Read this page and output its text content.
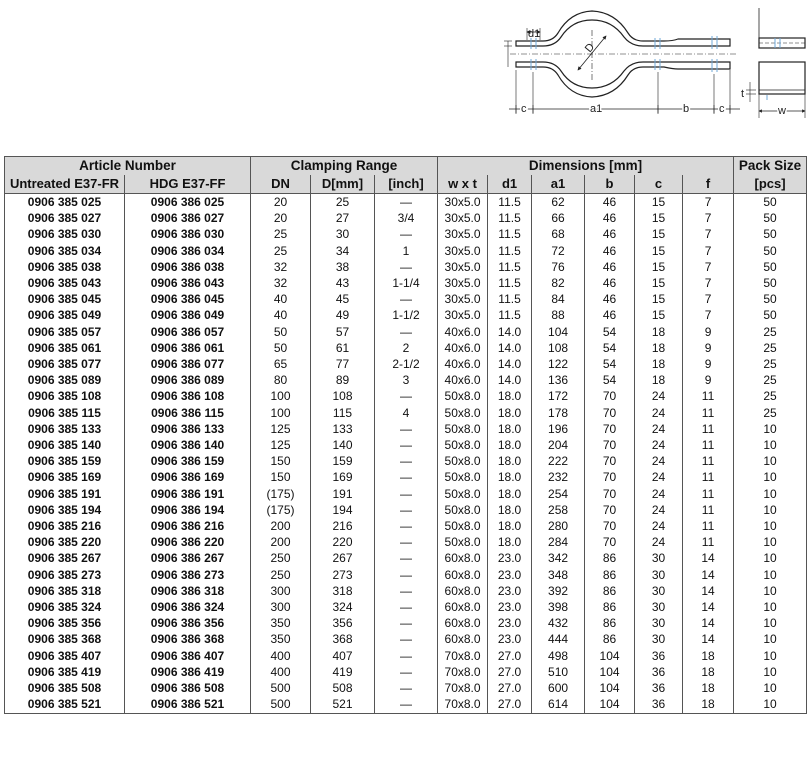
d1
D
c	a1	b	c
t
w
Article Number		Clamping Range			Dimensions [mm]						Pack Size
Untreated E37-FR	HDG E37-FF	DN	D[mm]	[inch]	w x t	d1	a1	b	c	f	[pcs]
0906 385 025	0906 386 025	20	25	—	30x5.0	11.5	62	46	15	7	50
0906 385 027	0906 386 027	20	27	3/4	30x5.0	11.5	66	46	15	7	50
0906 385 030	0906 386 030	25	30	—	30x5.0	11.5	68	46	15	7	50
0906 385 034	0906 386 034	25	34	1	30x5.0	11.5	72	46	15	7	50
0906 385 038	0906 386 038	32	38	—	30x5.0	11.5	76	46	15	7	50
0906 385 043	0906 386 043	32	43	1-1/4	30x5.0	11.5	82	46	15	7	50
0906 385 045	0906 386 045	40	45	—	30x5.0	11.5	84	46	15	7	50
0906 385 049	0906 386 049	40	49	1-1/2	30x5.0	11.5	88	46	15	7	50
0906 385 057	0906 386 057	50	57	—	40x6.0	14.0	104	54	18	9	25
0906 385 061	0906 386 061	50	61	2	40x6.0	14.0	108	54	18	9	25
0906 385 077	0906 386 077	65	77	2-1/2	40x6.0	14.0	122	54	18	9	25
0906 385 089	0906 386 089	80	89	3	40x6.0	14.0	136	54	18	9	25
0906 385 108	0906 386 108	100	108	—	50x8.0	18.0	172	70	24	11	25
0906 385 115	0906 386 115	100	115	4	50x8.0	18.0	178	70	24	11	25
0906 385 133	0906 386 133	125	133	—	50x8.0	18.0	196	70	24	11	10
0906 385 140	0906 386 140	125	140	—	50x8.0	18.0	204	70	24	11	10
0906 385 159	0906 386 159	150	159	—	50x8.0	18.0	222	70	24	11	10
0906 385 169	0906 386 169	150	169	—	50x8.0	18.0	232	70	24	11	10
0906 385 191	0906 386 191	(175)	191	—	50x8.0	18.0	254	70	24	11	10
0906 385 194	0906 386 194	(175)	194	—	50x8.0	18.0	258	70	24	11	10
0906 385 216	0906 386 216	200	216	—	50x8.0	18.0	280	70	24	11	10
0906 385 220	0906 386 220	200	220	—	50x8.0	18.0	284	70	24	11	10
0906 385 267	0906 386 267	250	267	—	60x8.0	23.0	342	86	30	14	10
0906 385 273	0906 386 273	250	273	—	60x8.0	23.0	348	86	30	14	10
0906 385 318	0906 386 318	300	318	—	60x8.0	23.0	392	86	30	14	10
0906 385 324	0906 386 324	300	324	—	60x8.0	23.0	398	86	30	14	10
0906 385 356	0906 386 356	350	356	—	60x8.0	23.0	432	86	30	14	10
0906 385 368	0906 386 368	350	368	—	60x8.0	23.0	444	86	30	14	10
0906 385 407	0906 386 407	400	407	—	70x8.0	27.0	498	104	36	18	10
0906 385 419	0906 386 419	400	419	—	70x8.0	27.0	510	104	36	18	10
0906 385 508	0906 386 508	500	508	—	70x8.0	27.0	600	104	36	18	10
0906 385 521	0906 386 521	500	521	—	70x8.0	27.0	614	104	36	18	10
